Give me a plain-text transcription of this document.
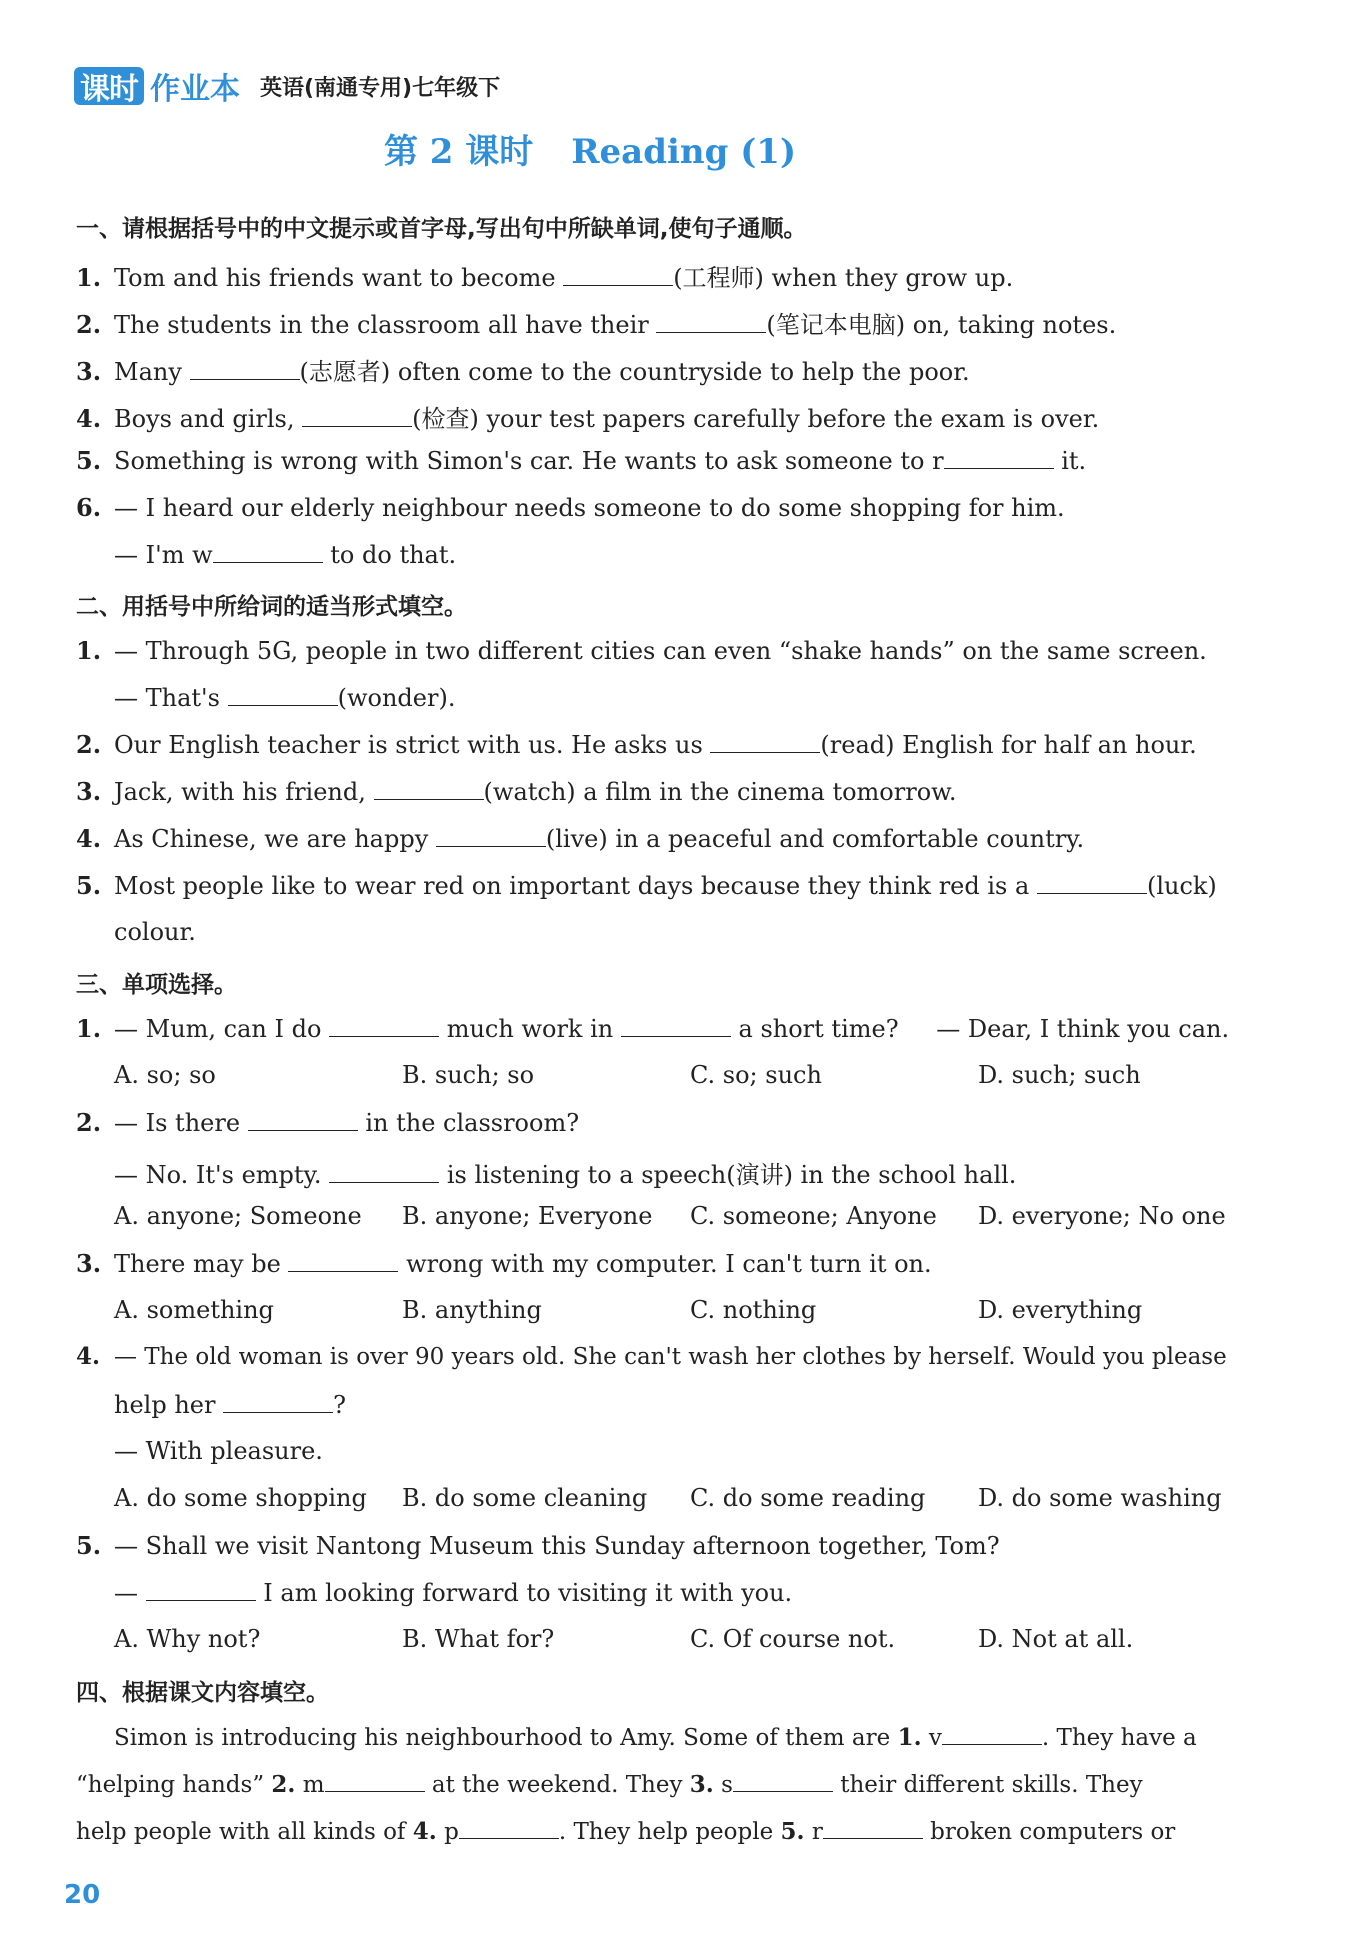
课时 作业本 英语(南通专用)七年级下
第 2 课时 Reading (1)
一、请根据括号中的中文提示或首字母,写出句中所缺单词,使句子通顺。
1. Tom and his friends want to become	(工程师) when they grow up.
2. The students in the classroom all have their	(笔记本电脑) on, taking notes.
3. Many	(志愿者) often come to the countryside to help the poor.
4. Boys and girls,	(检查) your test papers carefully before the exam is over.
5. Something is wrong with Simon's car. He wants to ask someone to r	it.
6. — I heard our elderly neighbour needs someone to do some shopping for him.
— I'm w	to do that.
二、用括号中所给词的适当形式填空。
1. — Through 5G, people in two different cities can even “shake hands” on the same screen.
— That's	(wonder).
2. Our English teacher is strict with us. He asks us	(read) English for half an hour.
3. Jack, with his friend,	(watch) a film in the cinema tomorrow.
4. As Chinese, we are happy	(live) in a peaceful and comfortable country.
5. Most people like to wear red on important days because they think red is a	(luck)
colour.
三、单项选择。
1. — Mum, can I do	much work in	a short time? — Dear, I think you can.
A. so; so	B. such; so	C. so; such	D. such; such
2. — Is there	in the classroom?
— No. It's empty.	is listening to a speech(演讲) in the school hall.
A. anyone; Someone B. anyone; Everyone C. someone; Anyone D. everyone; No one
3. There may be	wrong with my computer. I can't turn it on.
A. something	B. anything	C. nothing	D. everything
4. — The old woman is over 90 years old. She can't wash her clothes by herself. Would you please
help her	?
— With pleasure.
A. do some shopping B. do some cleaning C. do some reading D. do some washing
5. — Shall we visit Nantong Museum this Sunday afternoon together, Tom?
—	I am looking forward to visiting it with you.
A. Why not?	B. What for?	C. Of course not.	D. Not at all.
四、根据课文内容填空。
Simon is introducing his neighbourhood to Amy. Some of them are 1. v	. They have a
“helping hands” 2. m	at the weekend. They 3. s	their different skills. They
help people with all kinds of 4. p	. They help people 5. r	broken computers or
20
